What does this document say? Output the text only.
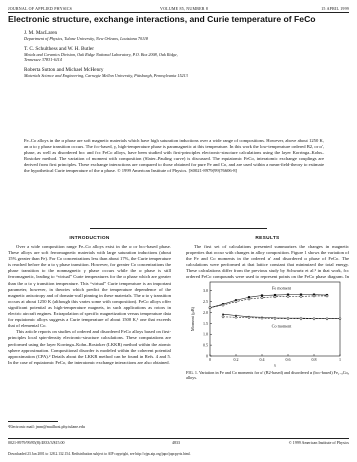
JOURNAL OF APPLIED PHYSICS	VOLUME 85, NUMBER 8	15 APRIL 1999
Electronic structure, exchange interactions, and Curie temperature of FeCo
J. M. MacLaren
Department of Physics, Tulane University, New Orleans, Louisiana 70118
T. C. Schulthess and W. H. Butler
Metals and Ceramics Division, Oak Ridge National Laboratory, P.O. Box 2008, Oak Ridge,
Tennessee 37831-6114
Roberta Sutton and Michael McHenry
Materials Science and Engineering, Carnegie Mellon University, Pittsburgh, Pennsylvania 15213
Fe–Co alloys in the α phase are soft magnetic materials which have high saturation inductions over a wide range of compositions. However, above about 1250 K, an α to γ phase transition occurs. The fcc-based, γ, high-temperature phase is paramagnetic at this temperature. In this work the low-temperature ordered B2, or α′, phase, as well as disordered bcc and fcc FeCo alloys, have been studied with first-principles electronic-structure calculations using the layer Korringa–Kohn–Rostoker method. The variation of moment with composition (Slater–Pauling curve) is discussed. The equiatomic FeCo, interatomic exchange couplings are derived from first principles. These exchange interactions are compared to those obtained for pure Fe and Co, and are used within a mean-field-theory to estimate the hypothetical Curie temperature of the α phase. © 1999 American Institute of Physics. [S0021-8979(99)76606-8]
INTRODUCTION
Over a wide composition range Fe–Co alloys exist in the α or bcc-based phase. These alloys are soft ferromagnetic materials with large saturation inductions (about 15% greater than Fe). For Co concentrations less than about 17%, the Curie temperature is reached before the α to γ phase transition. However, for greater Co concentrations the phase transition to the nonmagnetic γ phase occurs while the α phase is still ferromagnetic, leading to “virtual” Curie temperatures for the α phase which are greater than the α to γ transition temperature. This “virtual” Curie temperature is an important parameter, however, in theories which predict the temperature dependence of the magnetic anisotropy and of domain-wall pinning in these materials. The α to γ transition occurs at about 1250 K (although this varies some with composition). FeCo alloys offer significant potential as high-temperature magnets, in such applications as rotors in electric aircraft engines. Extrapolation of specific magnetization versus temperature data for equiatomic alloys suggests a Curie temperature of about 1500 K,¹ one that exceeds that of elemental Co.
This article reports on studies of ordered and disordered FeCo alloys based on first-principles local spin-density electronic-structure calculations. These computations are performed using the layer Korringa–Kohn–Rostoker (LKKR) method within the atomic sphere approximation. Compositional disorder is modeled within the coherent potential approximation (CPA).² Details about the LKKR method can be found in Refs. 4 and 5. In the case of equiatomic FeCo, the interatomic exchange interactions are also obtained.
ᵃElectronic mail: jmm@mailhost.phy.tulane.edu
RESULTS
The first set of calculations presented summarizes the changes in magnetic properties that occur with changes in alloy composition. Figure 1 shows the variation of the Fe and Co moments in the ordered α′ and disordered α phase of FeCo. The calculations were performed at that lattice constant that minimized the total energy. These calculations differ from the previous study by Schwartz et al.³ in that work, fcc ordered FeCo compounds were used to represent points on the FeCo phase diagram. In
0	0.2	0.4	0.6	0.8	1
0
0.5
1.0
1.5
2.0
2.5
3.0
x
Moment (μB)
Fe moment
Co moment
FIG. 1. Variation in Fe and Co moments for α′ (B2-based) and disordered α (bcc-based) Fe₁₋ₓCoₓ alloys.
0021-8979/99/85(8)/4833/3/$15.00	4833	© 1999 American Institute of Physics
Downloaded 23 Jan 2001 to 128.2.132.154. Redistribution subject to AIP copyright, see http://ojps.aip.org/japo/japcpyrts.html.
